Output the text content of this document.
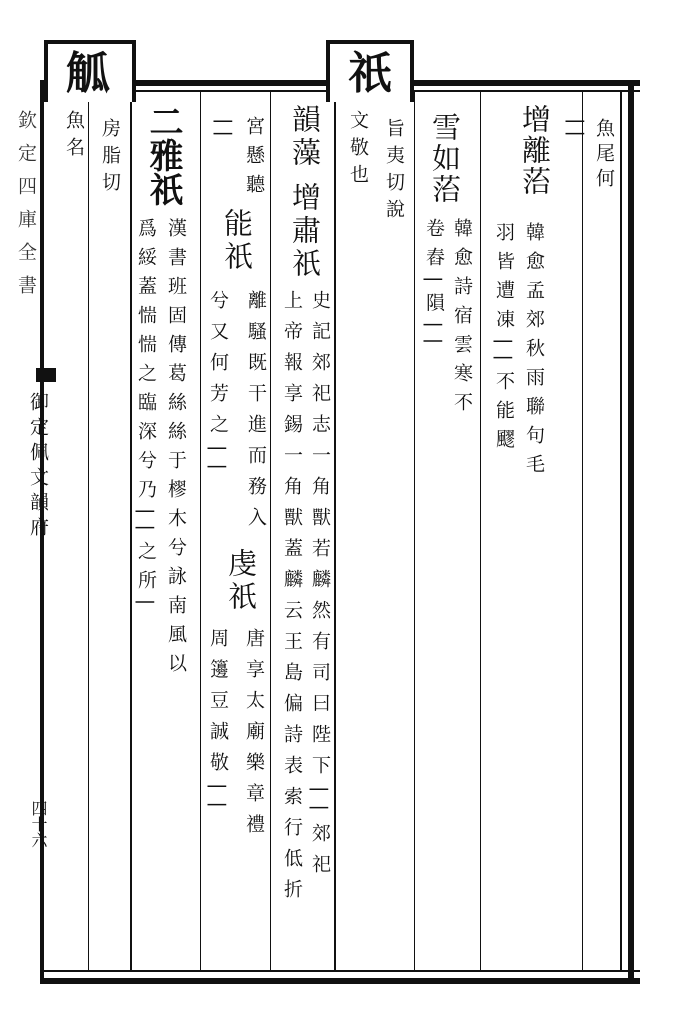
祇
觚
魚尾何
||
增離菭
韓愈孟郊秋雨聯句毛
羽皆遭凍||不能飂
雪如菭
韓愈詩宿雲寒不
卷舂|隕||
旨夷切說
文敬也
韻藻
增肅祇
史記郊祀志一角獸若麟然有司曰陛下||郊祀
上帝報享錫一角獸蓋麟云王島偏詩表索行低折
宮懸聽
能祇
離騷既干進而務入
兮又何芳之||
虔祇
唐享太廟樂章禮
周籩豆誠敬||
||
二雅祇
漢書班固傳葛絲絲于樛木兮詠南風以
爲綏蓋惴惴之臨深兮乃||之所|
房脂切
魚名
欽定四庫全書
御定佩文韻府
四十六
